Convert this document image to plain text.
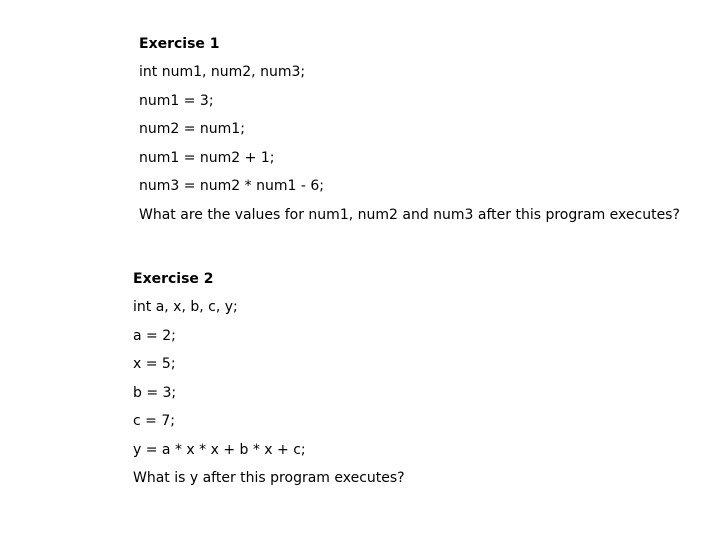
Exercise 1
int num1, num2, num3;
num1 = 3;
num2 = num1;
num1 = num2 + 1;
num3 = num2 * num1 - 6;
What are the values for num1, num2 and num3 after this program executes?
Exercise 2
int a, x, b, c, y;
a = 2;
x = 5;
b = 3;
c = 7;
y = a * x * x + b * x + c;
What is y after this program executes?
